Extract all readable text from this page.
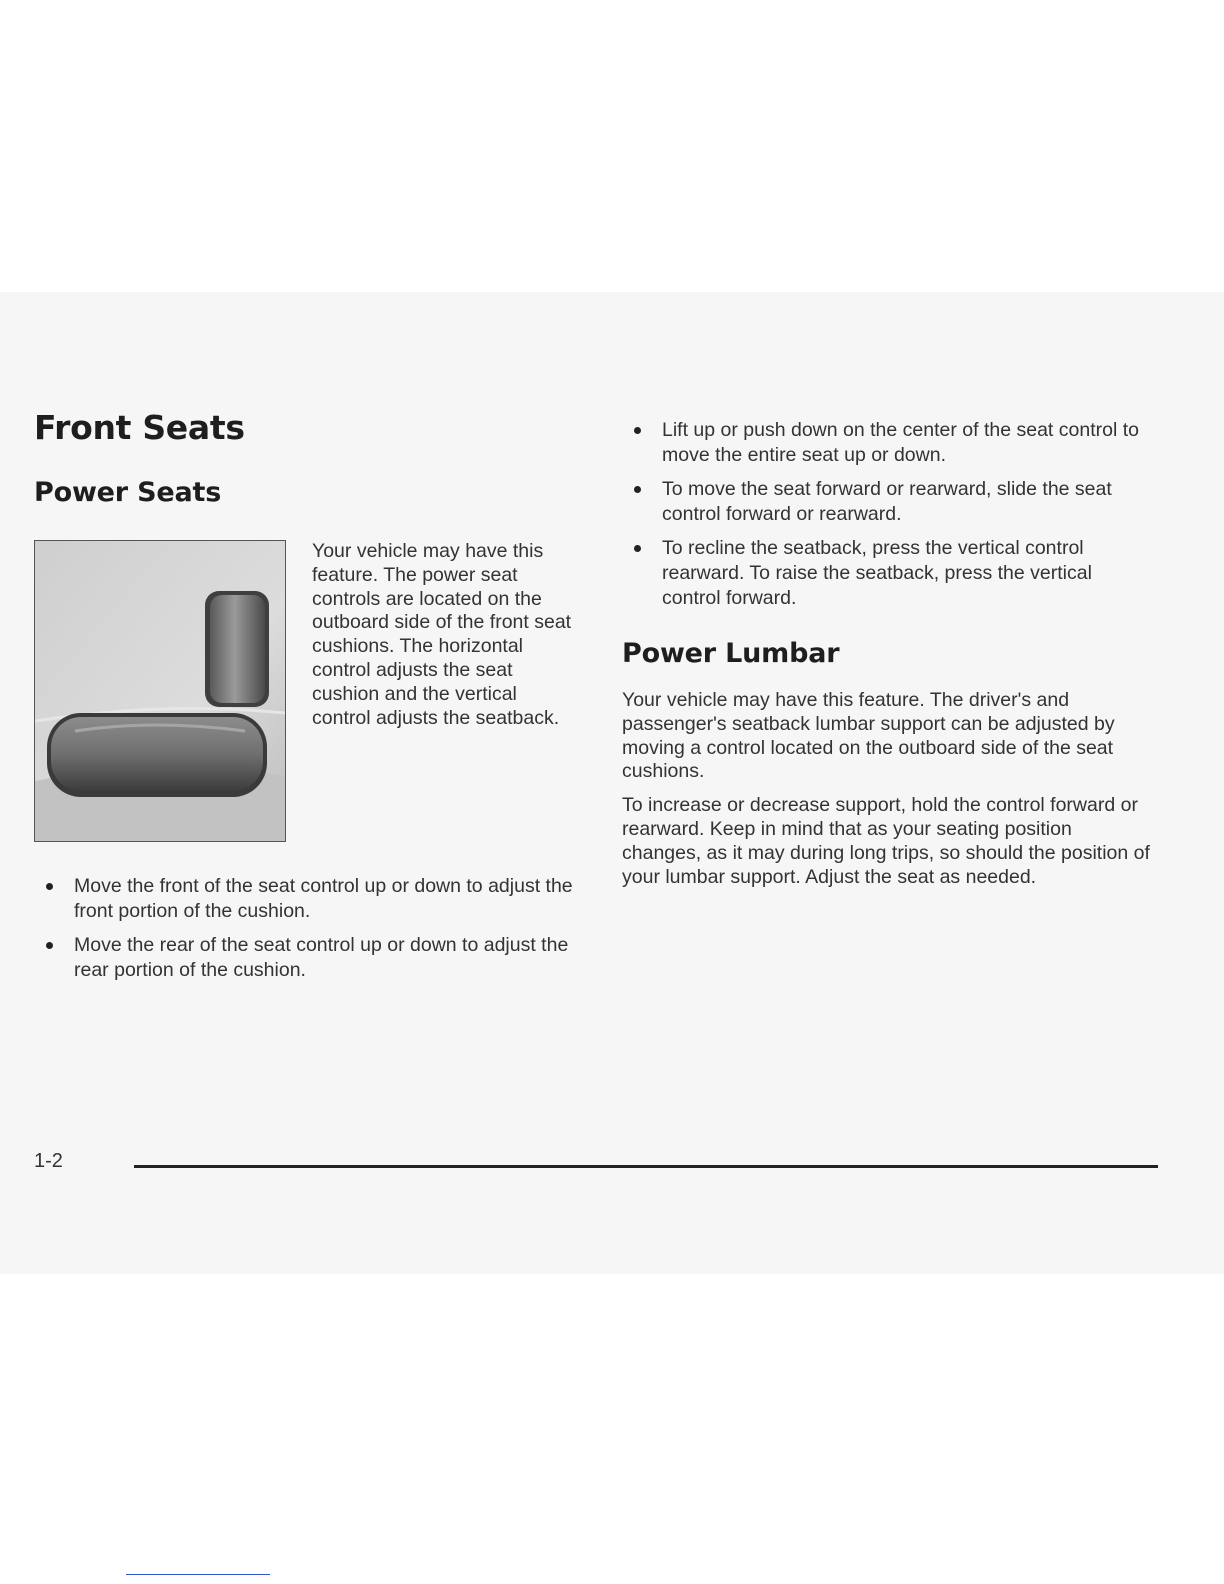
Front Seats
Power Seats

Your vehicle may have this feature. The power seat controls are located on the outboard side of the front seat cushions. The horizontal control adjusts the seat cushion and the vertical control adjusts the seatback.

Move the front of the seat control up or down to adjust the front portion of the cushion.
Move the rear of the seat control up or down to adjust the rear portion of the cushion.
Lift up or push down on the center of the seat control to move the entire seat up or down.
To move the seat forward or rearward, slide the seat control forward or rearward.
To recline the seatback, press the vertical control rearward. To raise the seatback, press the vertical control forward.
Power Lumbar

Your vehicle may have this feature. The driver's and passenger's seatback lumbar support can be adjusted by moving a control located on the outboard side of the seat cushions.

To increase or decrease support, hold the control forward or rearward. Keep in mind that as your seating position changes, as it may during long trips, so should the position of your lumbar support. Adjust the seat as needed.

1-2
